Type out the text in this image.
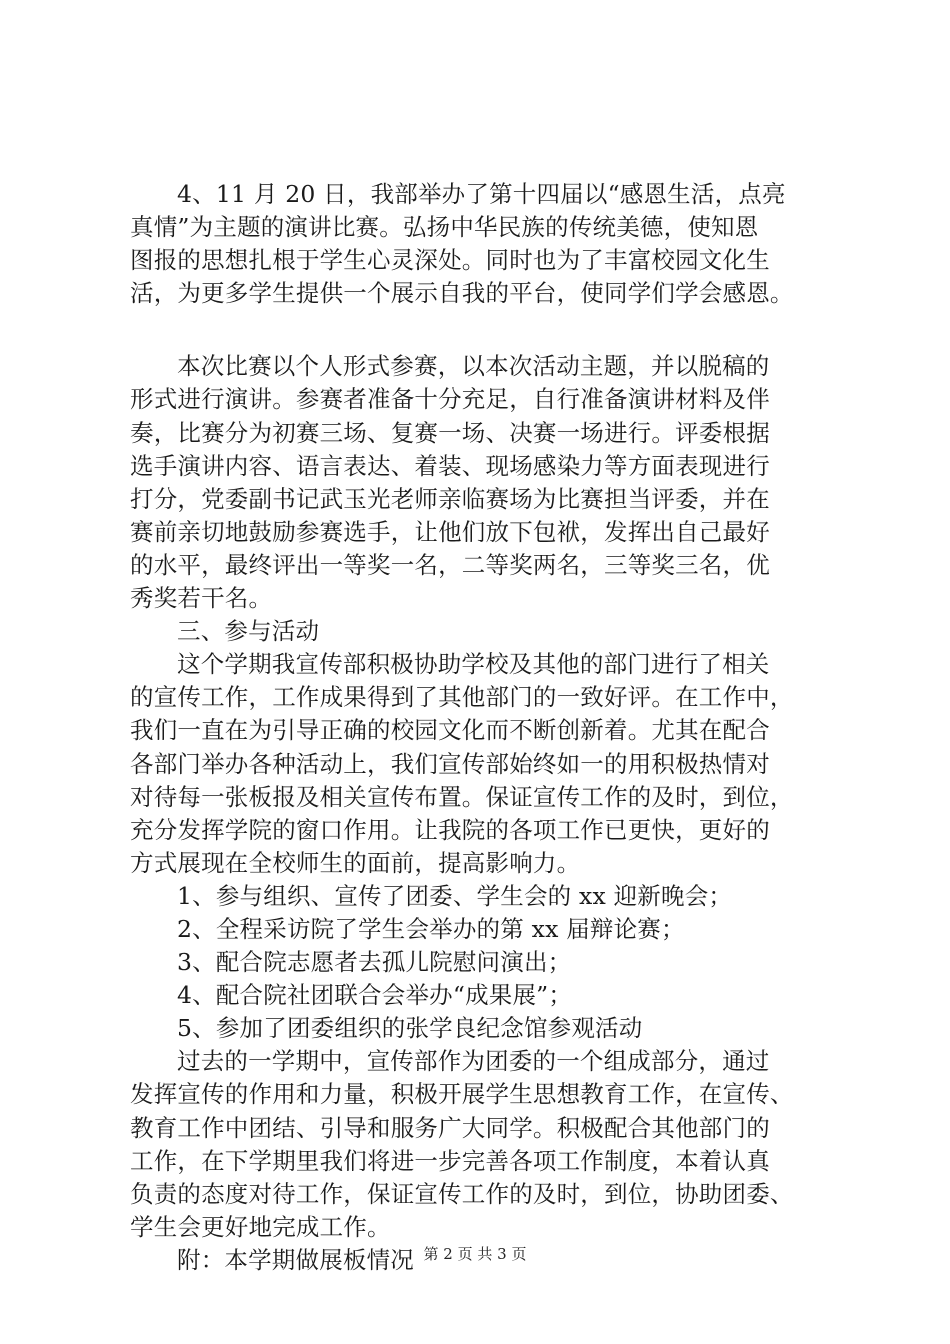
4、11 月 20 日，我部举办了第十四届以“感恩生活，点亮
真情”为主题的演讲比赛。弘扬中华民族的传统美德，使知恩
图报的思想扎根于学生心灵深处。同时也为了丰富校园文化生
活，为更多学生提供一个展示自我的平台，使同学们学会感恩。
本次比赛以个人形式参赛，以本次活动主题，并以脱稿的
形式进行演讲。参赛者准备十分充足，自行准备演讲材料及伴
奏，比赛分为初赛三场、复赛一场、决赛一场进行。评委根据
选手演讲内容、语言表达、着装、现场感染力等方面表现进行
打分，党委副书记武玉光老师亲临赛场为比赛担当评委，并在
赛前亲切地鼓励参赛选手，让他们放下包袱，发挥出自己最好
的水平，最终评出一等奖一名，二等奖两名，三等奖三名，优
秀奖若干名。
三、参与活动
这个学期我宣传部积极协助学校及其他的部门进行了相关
的宣传工作，工作成果得到了其他部门的一致好评。在工作中，
我们一直在为引导正确的校园文化而不断创新着。尤其在配合
各部门举办各种活动上，我们宣传部始终如一的用积极热情对
对待每一张板报及相关宣传布置。保证宣传工作的及时，到位，
充分发挥学院的窗口作用。让我院的各项工作已更快，更好的
方式展现在全校师生的面前，提高影响力。
1、参与组织、宣传了团委、学生会的 xx 迎新晚会；
2、全程采访院了学生会举办的第 xx 届辩论赛；
3、配合院志愿者去孤儿院慰问演出；
4、配合院社团联合会举办“成果展”；
5、参加了团委组织的张学良纪念馆参观活动
过去的一学期中，宣传部作为团委的一个组成部分，通过
发挥宣传的作用和力量，积极开展学生思想教育工作，在宣传、
教育工作中团结、引导和服务广大同学。积极配合其他部门的
工作，在下学期里我们将进一步完善各项工作制度，本着认真
负责的态度对待工作，保证宣传工作的及时，到位，协助团委、
学生会更好地完成工作。
附：本学期做展板情况 第 2 页 共 3 页
